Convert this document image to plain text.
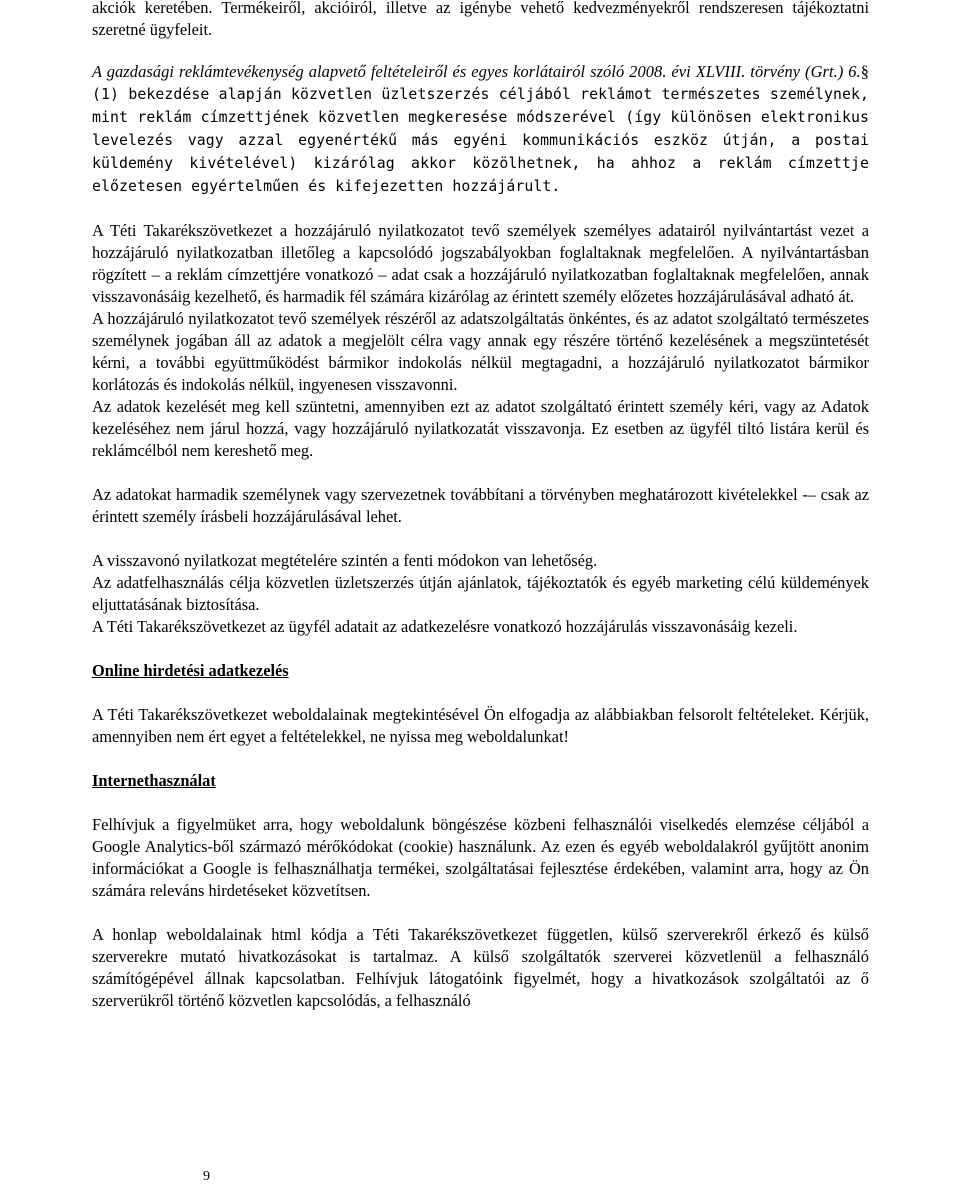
akciók keretében. Termékeiről, akcióiról, illetve az igénybe vehető kedvezményekről rendszeresen tájékoztatni szeretné ügyfeleit.

A gazdasági reklámtevékenység alapvető feltételeiről és egyes korlátairól szóló 2008. évi XLVIII. törvény (Grt.) 6.§ (1) bekezdése alapján közvetlen üzletszerzés céljából reklámot természetes személynek, mint reklám címzettjének közvetlen megkeresése módszerével (így különösen elektronikus levelezés vagy azzal egyenértékű más egyéni kommunikációs eszköz útján, a postai küldemény kivételével) kizárólag akkor közölhetnek, ha ahhoz a reklám címzettje előzetesen egyértelműen és kifejezetten hozzájárult.

A Téti Takarékszövetkezet a hozzájáruló nyilatkozatot tevő személyek személyes adatairól nyilvántartást vezet a hozzájáruló nyilatkozatban illetőleg a kapcsolódó jogszabályokban foglaltaknak megfelelően. A nyilvántartásban rögzített – a reklám címzettjére vonatkozó – adat csak a hozzájáruló nyilatkozatban foglaltaknak megfelelően, annak visszavonásáig kezelhető, és harmadik fél számára kizárólag az érintett személy előzetes hozzájárulásával adható át.

A hozzájáruló nyilatkozatot tevő személyek részéről az adatszolgáltatás önkéntes, és az adatot szolgáltató természetes személynek jogában áll az adatok a megjelölt célra vagy annak egy részére történő kezelésének a megszüntetését kérni, a további együttműködést bármikor indokolás nélkül megtagadni, a hozzájáruló nyilatkozatot bármikor korlátozás és indokolás nélkül, ingyenesen visszavonni.

Az adatok kezelését meg kell szüntetni, amennyiben ezt az adatot szolgáltató érintett személy kéri, vagy az Adatok kezeléséhez nem járul hozzá, vagy hozzájáruló nyilatkozatát visszavonja. Ez esetben az ügyfél tiltó listára kerül és reklámcélból nem kereshető meg.

Az adatokat harmadik személynek vagy szervezetnek továbbítani a törvényben meghatározott kivételekkel -– csak az érintett személy írásbeli hozzájárulásával lehet.

A visszavonó nyilatkozat megtételére szintén a fenti módokon van lehetőség.

Az adatfelhasználás célja közvetlen üzletszerzés útján ajánlatok, tájékoztatók és egyéb marketing célú küldemények eljuttatásának biztosítása.

A Téti Takarékszövetkezet az ügyfél adatait az adatkezelésre vonatkozó hozzájárulás visszavonásáig kezeli.

Online hirdetési adatkezelés

A Téti Takarékszövetkezet weboldalainak megtekintésével Ön elfogadja az alábbiakban felsorolt feltételeket. Kérjük, amennyiben nem ért egyet a feltételekkel, ne nyissa meg weboldalunkat!

Internethasználat

Felhívjuk a figyelmüket arra, hogy weboldalunk böngészése közbeni felhasználói viselkedés elemzése céljából a Google Analytics-ből származó mérőkódokat (cookie) használunk. Az ezen és egyéb weboldalakról gyűjtött anonim információkat a Google is felhasználhatja termékei, szolgáltatásai fejlesztése érdekében, valamint arra, hogy az Ön számára releváns hirdetéseket közvetítsen.

A honlap weboldalainak html kódja a Téti Takarékszövetkezet független, külső szerverekről érkező és külső szerverekre mutató hivatkozásokat is tartalmaz. A külső szolgáltatók szerverei közvetlenül a felhasználó számítógépével állnak kapcsolatban. Felhívjuk látogatóink figyelmét, hogy a hivatkozások szolgáltatói az ő szerverükről történő közvetlen kapcsolódás, a felhasználó

9
